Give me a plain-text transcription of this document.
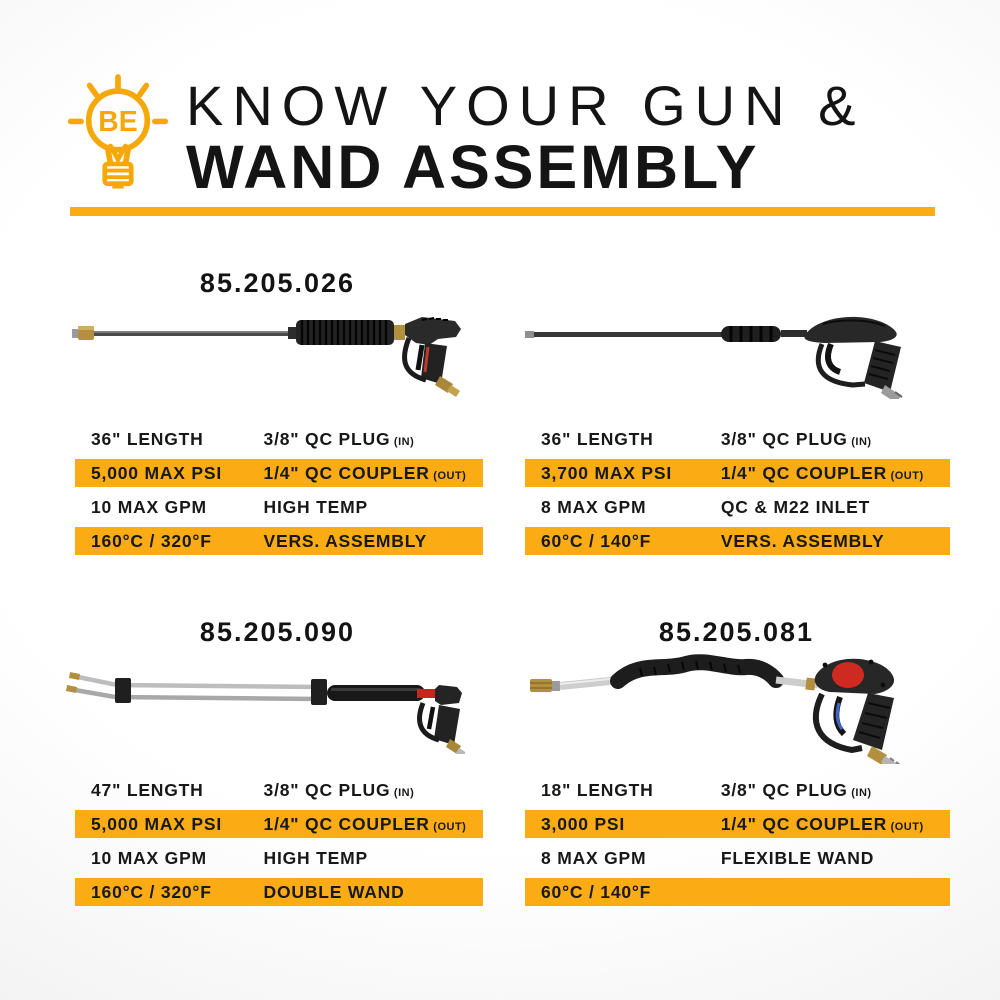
BE KNOW YOUR GUN &
WAND ASSEMBLY
85.205.026
36" LENGTH	3/8" QC PLUG (IN)
5,000 MAX PSI	1/4" QC COUPLER (OUT)
10 MAX GPM	HIGH TEMP
160°C / 320°F	VERS. ASSEMBLY
36" LENGTH	3/8" QC PLUG (IN)
3,700 MAX PSI	1/4" QC COUPLER (OUT)
8 MAX GPM	QC & M22 INLET
60°C / 140°F	VERS. ASSEMBLY
85.205.090
47" LENGTH	3/8" QC PLUG (IN)
5,000 MAX PSI	1/4" QC COUPLER (OUT)
10 MAX GPM	HIGH TEMP
160°C / 320°F	DOUBLE WAND
85.205.081
18" LENGTH	3/8" QC PLUG (IN)
3,000 PSI	1/4" QC COUPLER (OUT)
8 MAX GPM	FLEXIBLE WAND
60°C / 140°F
